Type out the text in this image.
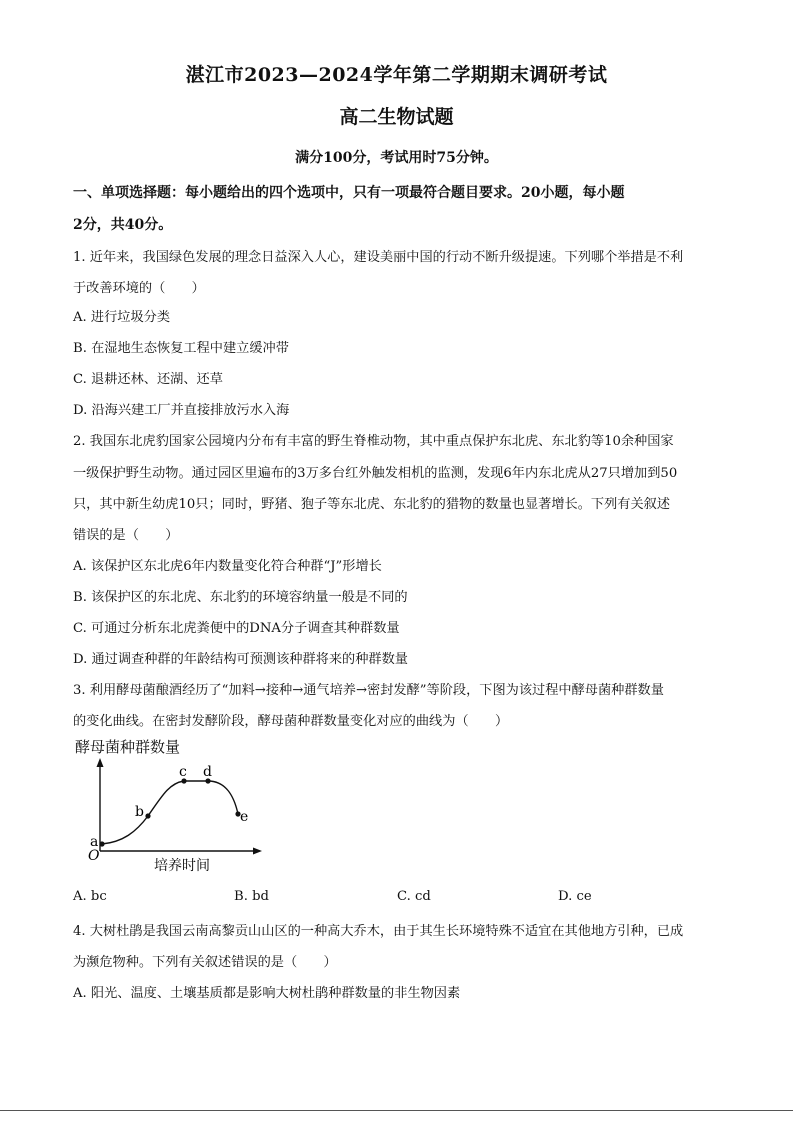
湛江市2023—2024学年第二学期期末调研考试
高二生物试题
满分100分，考试用时75分钟。
一、单项选择题：每小题给出的四个选项中，只有一项最符合题目要求。20小题，每小题
2分，共40分。
1. 近年来，我国绿色发展的理念日益深入人心，建设美丽中国的行动不断升级提速。下列哪个举措是不利
于改善环境的（　　）
A. 进行垃圾分类
B. 在湿地生态恢复工程中建立缓冲带
C. 退耕还林、还湖、还草
D. 沿海兴建工厂并直接排放污水入海
2. 我国东北虎豹国家公园境内分布有丰富的野生脊椎动物，其中重点保护东北虎、东北豹等10余种国家
一级保护野生动物。通过园区里遍布的3万多台红外触发相机的监测，发现6年内东北虎从27只增加到50
只，其中新生幼虎10只；同时，野猪、狍子等东北虎、东北豹的猎物的数量也显著增长。下列有关叙述
错误的是（　　）
A. 该保护区东北虎6年内数量变化符合种群“J”形增长
B. 该保护区的东北虎、东北豹的环境容纳量一般是不同的
C. 可通过分析东北虎粪便中的DNA分子调查其种群数量
D. 通过调查种群的年龄结构可预测该种群将来的种群数量
3. 利用酵母菌酿酒经历了“加料→接种→通气培养→密封发酵”等阶段，下图为该过程中酵母菌种群数量
的变化曲线。在密封发酵阶段，酵母菌种群数量变化对应的曲线为（　　）
酵母菌种群数量
a
b
c d
e
O
培养时间
A. bc	B. bd	C. cd	D. ce
4. 大树杜鹃是我国云南高黎贡山山区的一种高大乔木，由于其生长环境特殊不适宜在其他地方引种，已成
为濒危物种。下列有关叙述错误的是（　　）
A. 阳光、温度、土壤基质都是影响大树杜鹃种群数量的非生物因素
